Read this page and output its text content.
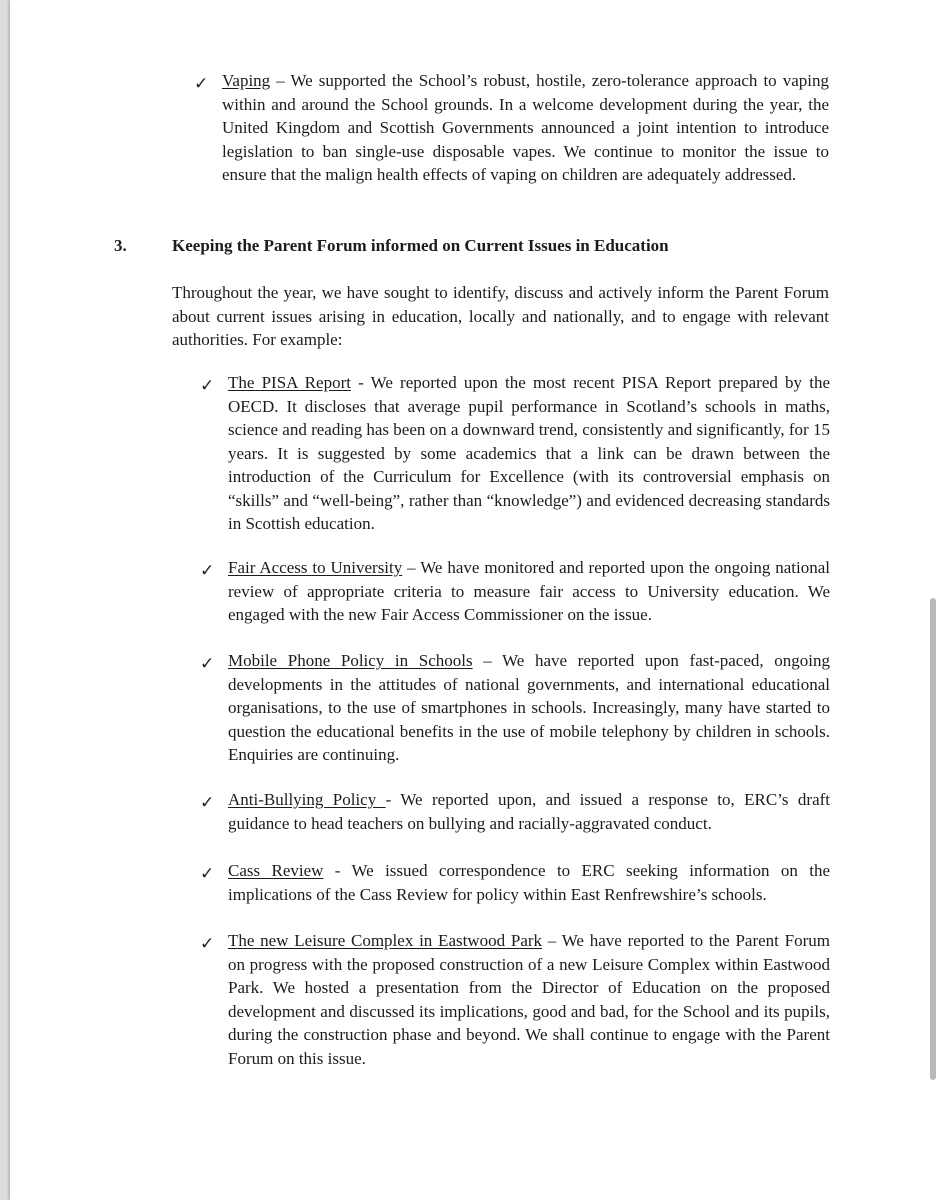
✓ Vaping – We supported the School’s robust, hostile, zero-tolerance approach to vaping within and around the School grounds. In a welcome development during the year, the United Kingdom and Scottish Governments announced a joint intention to introduce legislation to ban single-use disposable vapes. We continue to monitor the issue to ensure that the malign health effects of vaping on children are adequately addressed.

3.	Keeping the Parent Forum informed on Current Issues in Education

Throughout the year, we have sought to identify, discuss and actively inform the Parent Forum about current issues arising in education, locally and nationally, and to engage with relevant authorities. For example:

✓ The PISA Report - We reported upon the most recent PISA Report prepared by the OECD. It discloses that average pupil performance in Scotland’s schools in maths, science and reading has been on a downward trend, consistently and significantly, for 15 years. It is suggested by some academics that a link can be drawn between the introduction of the Curriculum for Excellence (with its controversial emphasis on “skills” and “well-being”, rather than “knowledge”) and evidenced decreasing standards in Scottish education.

✓ Fair Access to University – We have monitored and reported upon the ongoing national review of appropriate criteria to measure fair access to University education. We engaged with the new Fair Access Commissioner on the issue.

✓ Mobile Phone Policy in Schools – We have reported upon fast-paced, ongoing developments in the attitudes of national governments, and international educational organisations, to the use of smartphones in schools. Increasingly, many have started to question the educational benefits in the use of mobile telephony by children in schools. Enquiries are continuing.

✓ Anti-Bullying Policy - We reported upon, and issued a response to, ERC’s draft guidance to head teachers on bullying and racially-aggravated conduct.

✓ Cass Review - We issued correspondence to ERC seeking information on the implications of the Cass Review for policy within East Renfrewshire’s schools.

✓ The new Leisure Complex in Eastwood Park – We have reported to the Parent Forum on progress with the proposed construction of a new Leisure Complex within Eastwood Park. We hosted a presentation from the Director of Education on the proposed development and discussed its implications, good and bad, for the School and its pupils, during the construction phase and beyond. We shall continue to engage with the Parent Forum on this issue.
